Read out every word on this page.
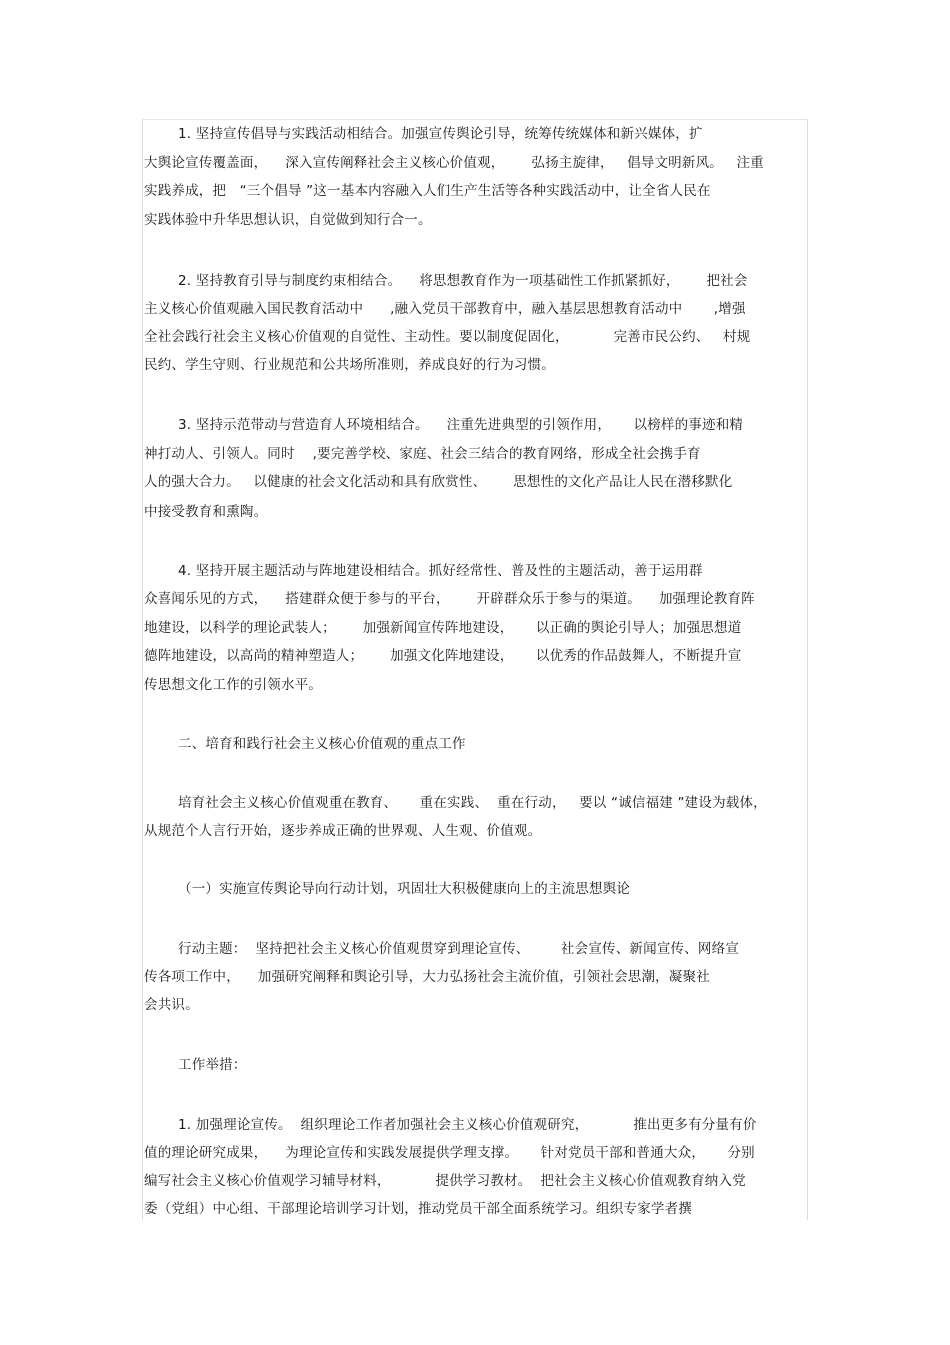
1. 坚持宣传倡导与实践活动相结合。加强宣传舆论引导，统筹传统媒体和新兴媒体，扩
大舆论宣传覆盖面，    深入宣传阐释社会主义核心价值观，      弘扬主旋律，   倡导文明新风。   注重
实践养成，把   “三个倡导 ”这一基本内容融入人们生产生活等各种实践活动中，让全省人民在
实践体验中升华思想认识，自觉做到知行合一。
2. 坚持教育引导与制度约束相结合。    将思想教育作为一项基础性工作抓紧抓好，      把社会
主义核心价值观融入国民教育活动中      ,融入党员干部教育中，融入基层思想教育活动中       ,增强
全社会践行社会主义核心价值观的自觉性、主动性。要以制度促固化，          完善市民公约、   村规
民约、学生守则、行业规范和公共场所准则，养成良好的行为习惯。
3. 坚持示范带动与营造育人环境相结合。    注重先进典型的引领作用，     以榜样的事迹和精
神打动人、引领人。同时    ,要完善学校、家庭、社会三结合的教育网络，形成全社会携手育
人的强大合力。   以健康的社会文化活动和具有欣赏性、      思想性的文化产品让人民在潜移默化
中接受教育和熏陶。
4. 坚持开展主题活动与阵地建设相结合。抓好经常性、普及性的主题活动，善于运用群
众喜闻乐见的方式，    搭建群众便于参与的平台，      开辟群众乐于参与的渠道。    加强理论教育阵
地建设，以科学的理论武装人；      加强新闻宣传阵地建设，     以正确的舆论引导人；加强思想道
德阵地建设，以高尚的精神塑造人；      加强文化阵地建设，     以优秀的作品鼓舞人，不断提升宣
传思想文化工作的引领水平。
二、培育和践行社会主义核心价值观的重点工作
培育社会主义核心价值观重在教育、     重在实践、  重在行动，   要以 “诚信福建 ”建设为载体，
从规范个人言行开始，逐步养成正确的世界观、人生观、价值观。
（一）实施宣传舆论导向行动计划，巩固壮大积极健康向上的主流思想舆论
行动主题：  坚持把社会主义核心价值观贯穿到理论宣传、       社会宣传、新闻宣传、网络宣
传各项工作中，    加强研究阐释和舆论引导，大力弘扬社会主流价值，引领社会思潮，凝聚社
会共识。
工作举措：
1. 加强理论宣传。  组织理论工作者加强社会主义核心价值观研究，          推出更多有分量有价
值的理论研究成果，    为理论宣传和实践发展提供学理支撑。     针对党员干部和普通大众，     分别
编写社会主义核心价值观学习辅导材料，          提供学习教材。  把社会主义核心价值观教育纳入党
委（党组）中心组、干部理论培训学习计划，推动党员干部全面系统学习。组织专家学者撰
